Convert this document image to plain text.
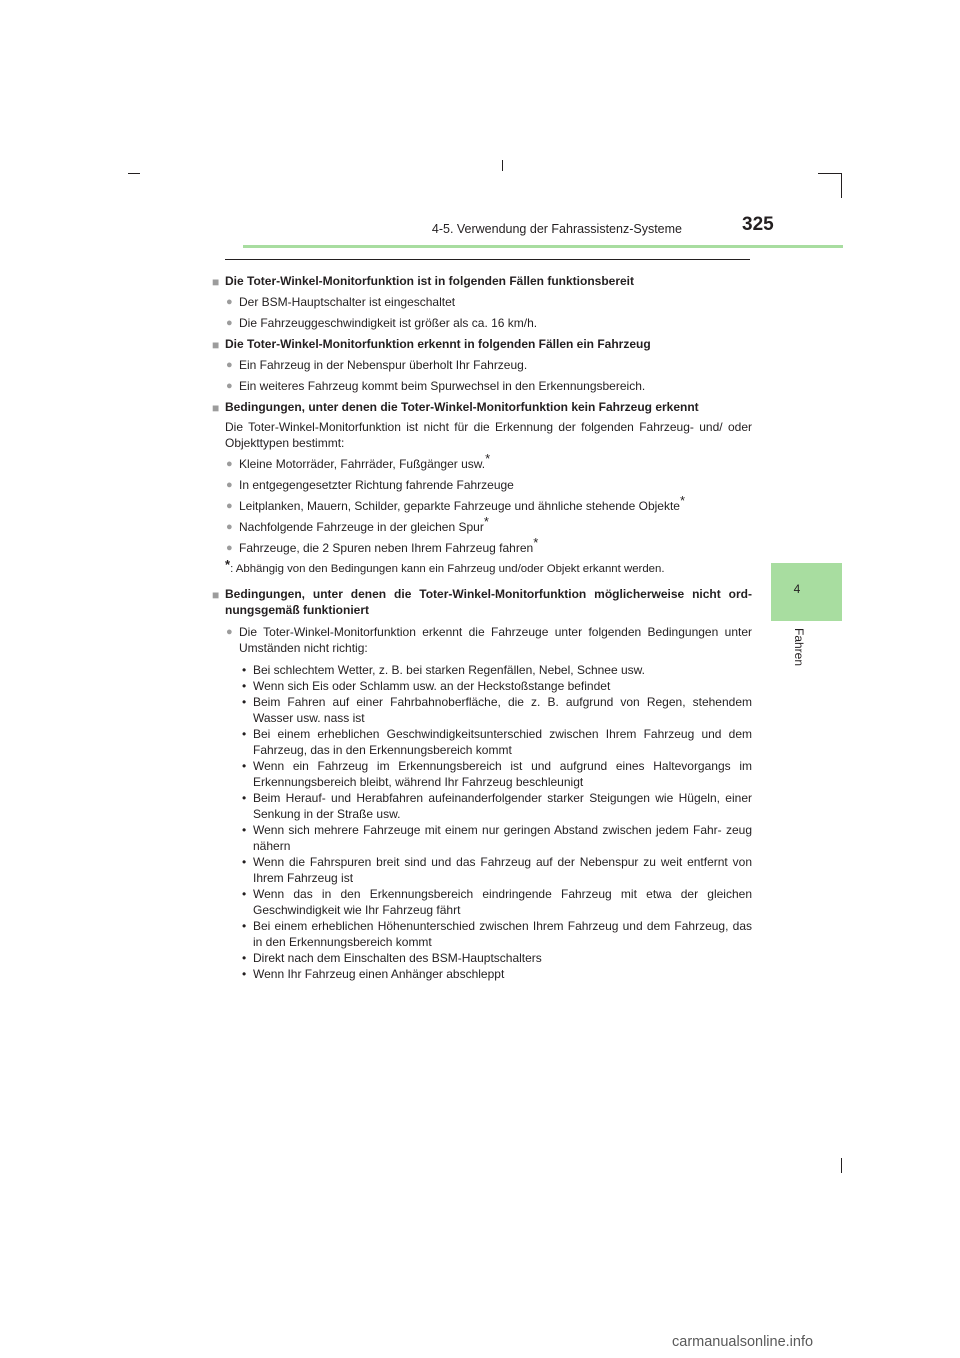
4-5. Verwendung der Fahrassistenz-Systeme	325
4
Fahren
■ Die Toter-Winkel-Monitorfunktion ist in folgenden Fällen funktionsbereit
● Der BSM-Hauptschalter ist eingeschaltet
● Die Fahrzeuggeschwindigkeit ist größer als ca. 16 km/h.
■ Die Toter-Winkel-Monitorfunktion erkennt in folgenden Fällen ein Fahrzeug
● Ein Fahrzeug in der Nebenspur überholt Ihr Fahrzeug.
● Ein weiteres Fahrzeug kommt beim Spurwechsel in den Erkennungsbereich.
■ Bedingungen, unter denen die Toter-Winkel-Monitorfunktion kein Fahrzeug erkennt
Die Toter-Winkel-Monitorfunktion ist nicht für die Erkennung der folgenden Fahrzeug- und/ oder Objekttypen bestimmt:
● Kleine Motorräder, Fahrräder, Fußgänger usw.*
● In entgegengesetzter Richtung fahrende Fahrzeuge
● Leitplanken, Mauern, Schilder, geparkte Fahrzeuge und ähnliche stehende Objekte*
● Nachfolgende Fahrzeuge in der gleichen Spur*
● Fahrzeuge, die 2 Spuren neben Ihrem Fahrzeug fahren*
*: Abhängig von den Bedingungen kann ein Fahrzeug und/oder Objekt erkannt werden.
■ Bedingungen, unter denen die Toter-Winkel-Monitorfunktion möglicherweise nicht ord- nungsgemäß funktioniert
● Die Toter-Winkel-Monitorfunktion erkennt die Fahrzeuge unter folgenden Bedingungen unter Umständen nicht richtig:
• Bei schlechtem Wetter, z. B. bei starken Regenfällen, Nebel, Schnee usw.
• Wenn sich Eis oder Schlamm usw. an der Heckstoßstange befindet
• Beim Fahren auf einer Fahrbahnoberfläche, die z. B. aufgrund von Regen, stehendem Wasser usw. nass ist
• Bei einem erheblichen Geschwindigkeitsunterschied zwischen Ihrem Fahrzeug und dem Fahrzeug, das in den Erkennungsbereich kommt
• Wenn ein Fahrzeug im Erkennungsbereich ist und aufgrund eines Haltevorgangs im Erkennungsbereich bleibt, während Ihr Fahrzeug beschleunigt
• Beim Herauf- und Herabfahren aufeinanderfolgender starker Steigungen wie Hügeln, einer Senkung in der Straße usw.
• Wenn sich mehrere Fahrzeuge mit einem nur geringen Abstand zwischen jedem Fahr- zeug nähern
• Wenn die Fahrspuren breit sind und das Fahrzeug auf der Nebenspur zu weit entfernt von Ihrem Fahrzeug ist
• Wenn das in den Erkennungsbereich eindringende Fahrzeug mit etwa der gleichen Geschwindigkeit wie Ihr Fahrzeug fährt
• Bei einem erheblichen Höhenunterschied zwischen Ihrem Fahrzeug und dem Fahrzeug, das in den Erkennungsbereich kommt
• Direkt nach dem Einschalten des BSM-Hauptschalters
• Wenn Ihr Fahrzeug einen Anhänger abschleppt
carmanualsonline.info
